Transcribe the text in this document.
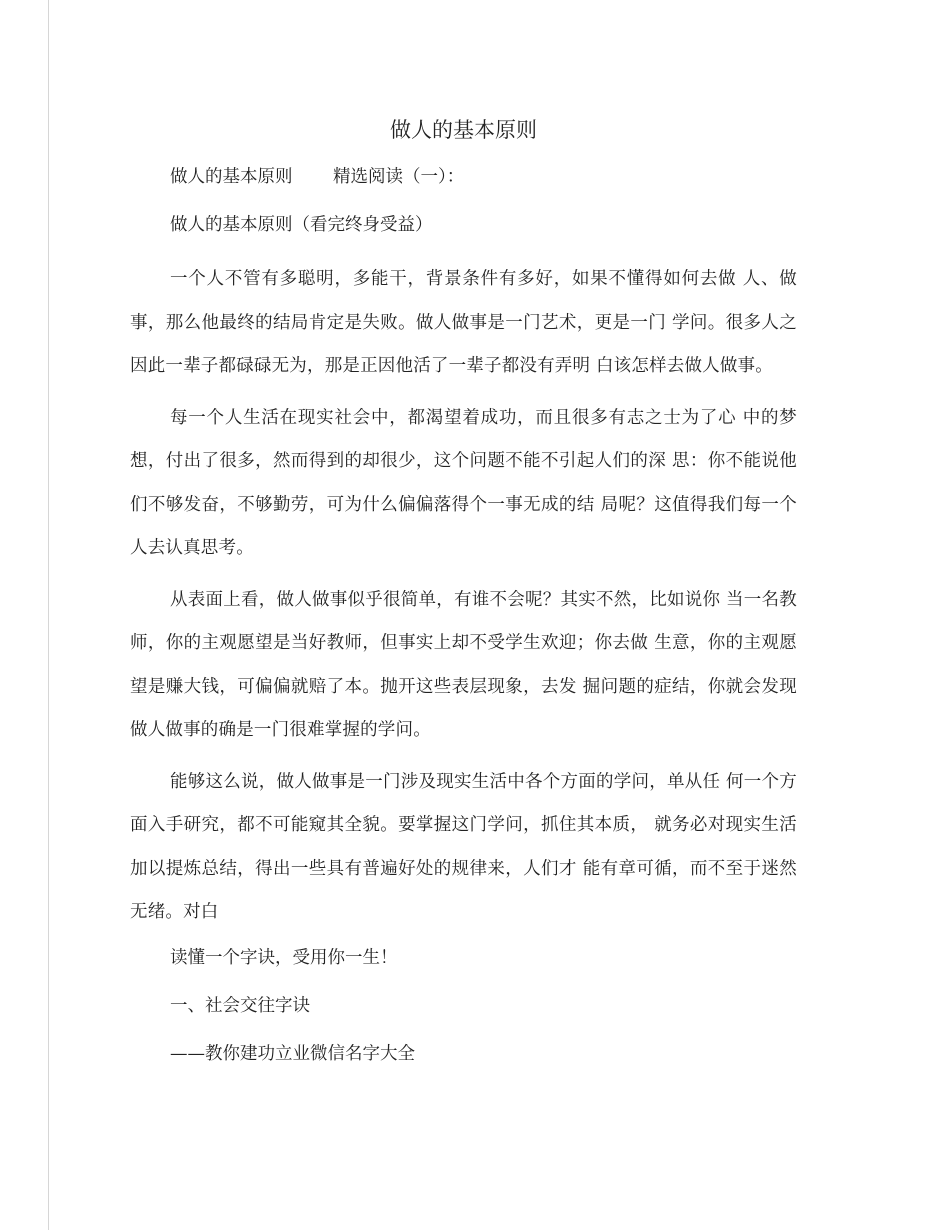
做人的基本原则

做人的基本原则　　 精选阅读（一）：

做人的基本原则（看完终身受益）

一个人不管有多聪明，多能干，背景条件有多好，如果不懂得如何去做 人、做事，那么他最终的结局肯定是失败。做人做事是一门艺术，更是一门 学问。很多人之因此一辈子都碌碌无为，那是正因他活了一辈子都没有弄明 白该怎样去做人做事。

每一个人生活在现实社会中，都渴望着成功，而且很多有志之士为了心 中的梦想，付出了很多，然而得到的却很少，这个问题不能不引起人们的深 思：你不能说他们不够发奋，不够勤劳，可为什么偏偏落得个一事无成的结 局呢？这值得我们每一个人去认真思考。

从表面上看，做人做事似乎很简单，有谁不会呢？其实不然，比如说你 当一名教师，你的主观愿望是当好教师，但事实上却不受学生欢迎；你去做 生意，你的主观愿望是赚大钱，可偏偏就赔了本。抛开这些表层现象，去发 掘问题的症结，你就会发现做人做事的确是一门很难掌握的学问。

能够这么说，做人做事是一门涉及现实生活中各个方面的学问，单从任 何一个方面入手研究，都不可能窥其全貌。要掌握这门学问，抓住其本质， 就务必对现实生活加以提炼总结，得出一些具有普遍好处的规律来，人们才 能有章可循，而不至于迷然无绪。对白

读懂一个字诀，受用你一生！

一、社会交往字诀

——教你建功立业微信名字大全
